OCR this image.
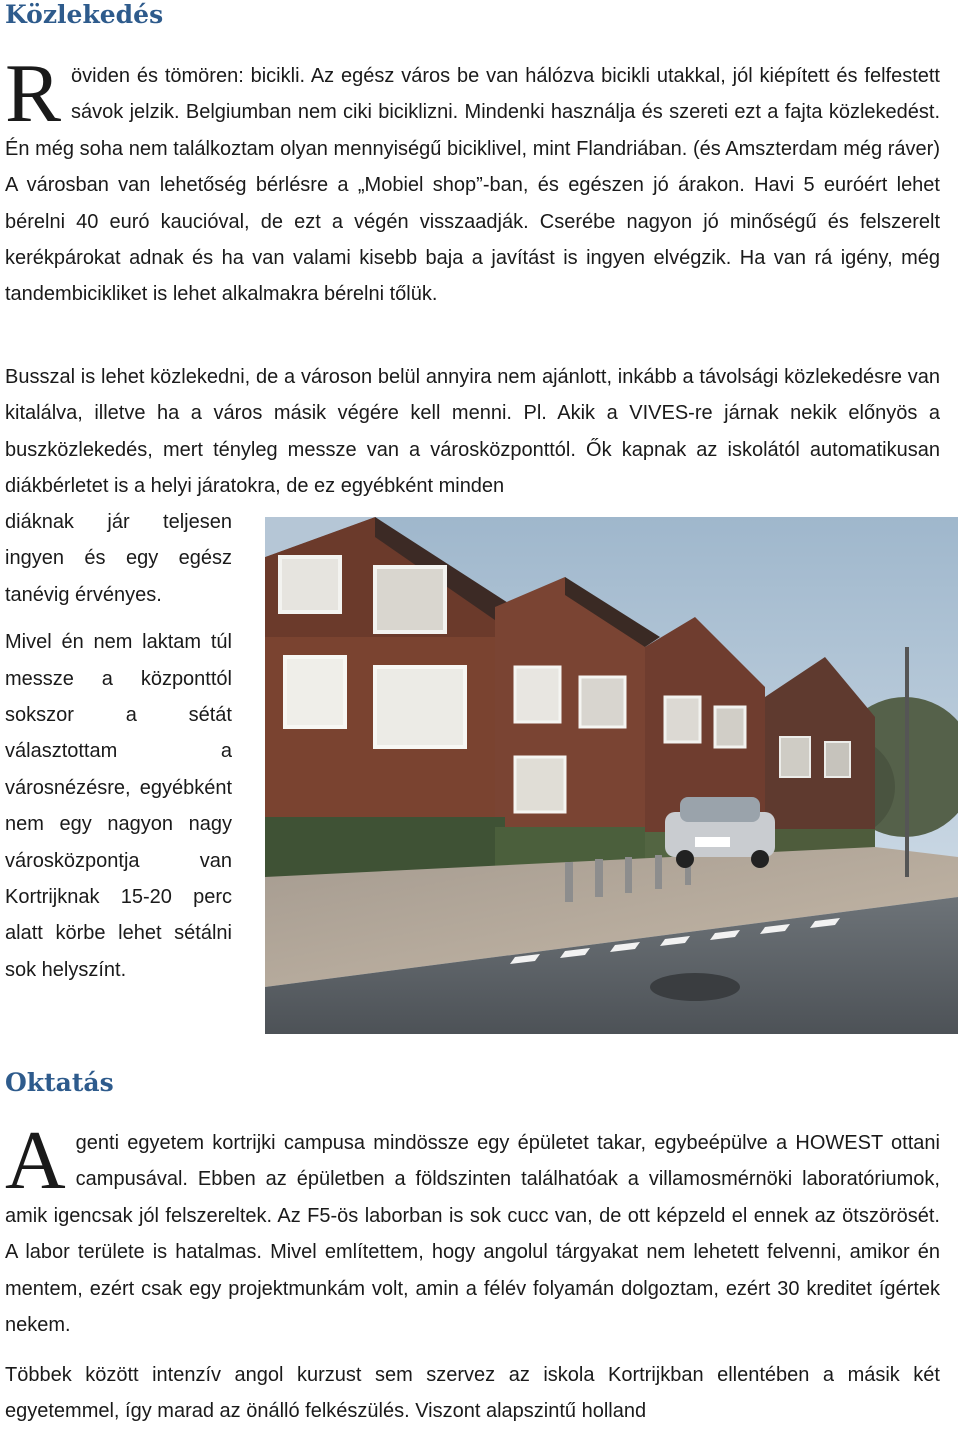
Közlekedés

Rövіden és tömören: bicikli. Az egész város be van hálózva bicikli utakkal, jól kiépített és felfestett sávok jelzik. Belgiumban nem ciki biciklizni. Mindenki használja és szereti ezt a fajta közlekedést. Én még soha nem találkoztam olyan mennyiségű biciklivel, mint Flandriában. (és Amszterdam még ráver) A városban van lehetőség bérlésre a „Mobiel shop”-ban, és egészen jó árakon. Havi 5 euróért lehet bérelni 40 euró kaucióval, de ezt a végén visszaadják. Cserébe nagyon jó minőségű és felszerelt kerékpárokat adnak és ha van valami kisebb baja a javítást is ingyen elvégzik. Ha van rá igény, még tandembicikliket is lehet alkalmakra bérelni tőlük.

Busszal is lehet közlekedni, de a városon belül annyira nem ajánlott, inkább a távolsági közlekedésre van kitalálva, illetve ha a város másik végére kell menni. Pl. Akik a VIVES-re járnak nekik előnyös a buszközlekedés, mert tényleg messze van a városközponttól. Ők kapnak az iskolától automatikusan diákbérletet is a helyi járatokra, de ez egyébként minden

diáknak jár teljesen ingyen és egy egész tanévig érvényes.

Mivel én nem laktam túl messze a központtól sokszor a sétát választottam a városnézésre, egyébként nem egy nagyon nagy városközpontja van Kortrijknak 15-20 perc alatt körbe lehet sétálni sok helyszínt.

Oktatás

Agenti egyetem kortrijki campusa mindössze egy épületet takar, egybeépülve a HOWEST ottani campusával. Ebben az épületben a földszinten találhatóak a villamosmérnöki laboratóriumok, amik igencsak jól felszereltek. Az F5-ös laborban is sok cucc van, de ott képzeld el ennek az ötszörösét. A labor területe is hatalmas. Mivel említettem, hogy angolul tárgyakat nem lehetett felvenni, amikor én mentem, ezért csak egy projektmunkám volt, amin a félév folyamán dolgoztam, ezért 30 kreditet ígértek nekem.

Többek között intenzív angol kurzust sem szervez az iskola Kortrijkban ellentében a másik két egyetemmel, így marad az önálló felkészülés. Viszont alapszintű holland
